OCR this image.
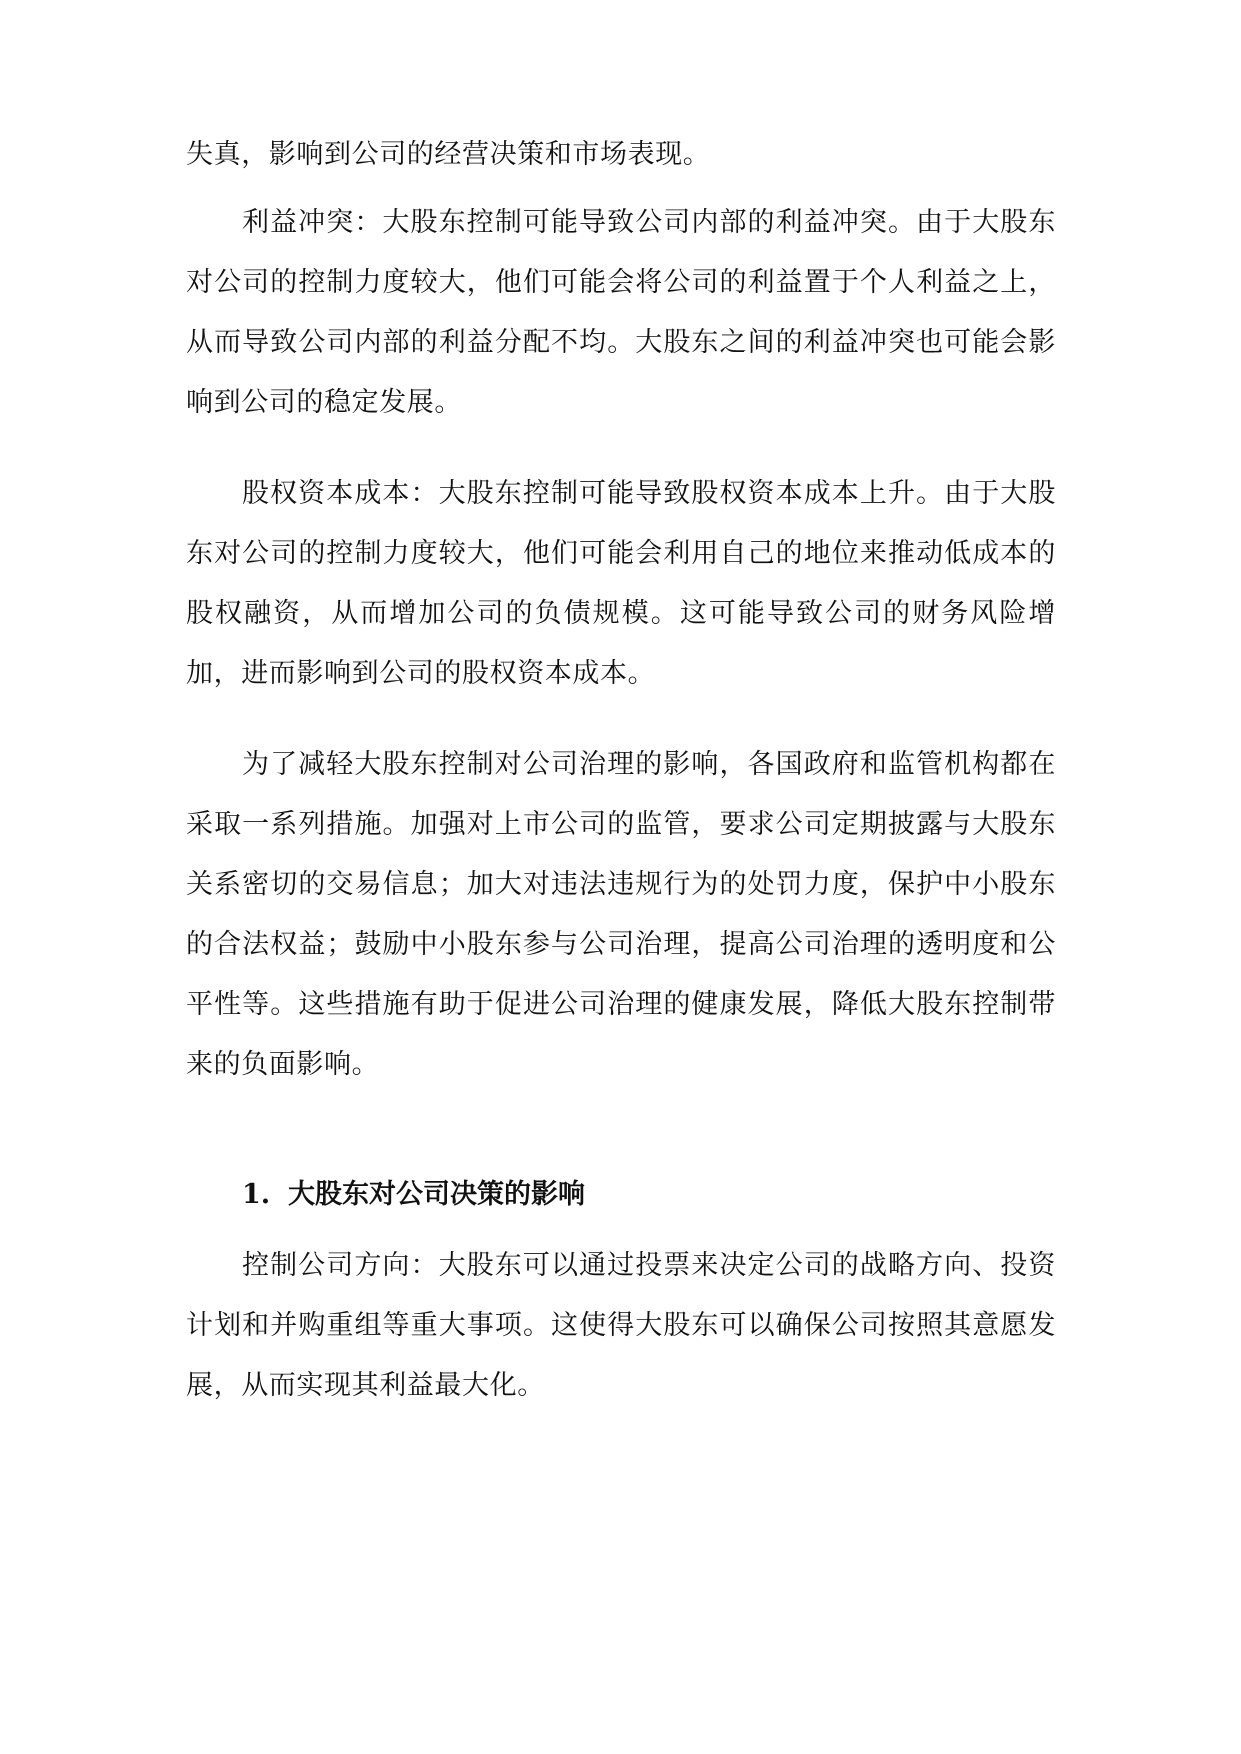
失真，影响到公司的经营决策和市场表现。

利益冲突：大股东控制可能导致公司内部的利益冲突。由于大股东对公司的控制力度较大，他们可能会将公司的利益置于个人利益之上，从而导致公司内部的利益分配不均。大股东之间的利益冲突也可能会影响到公司的稳定发展。

股权资本成本：大股东控制可能导致股权资本成本上升。由于大股东对公司的控制力度较大，他们可能会利用自己的地位来推动低成本的股权融资，从而增加公司的负债规模。这可能导致公司的财务风险增加，进而影响到公司的股权资本成本。

为了减轻大股东控制对公司治理的影响，各国政府和监管机构都在采取一系列措施。加强对上市公司的监管，要求公司定期披露与大股东关系密切的交易信息；加大对违法违规行为的处罚力度，保护中小股东的合法权益；鼓励中小股东参与公司治理，提高公司治理的透明度和公平性等。这些措施有助于促进公司治理的健康发展，降低大股东控制带来的负面影响。

1. 大股东对公司决策的影响

控制公司方向：大股东可以通过投票来决定公司的战略方向、投资计划和并购重组等重大事项。这使得大股东可以确保公司按照其意愿发展，从而实现其利益最大化。
